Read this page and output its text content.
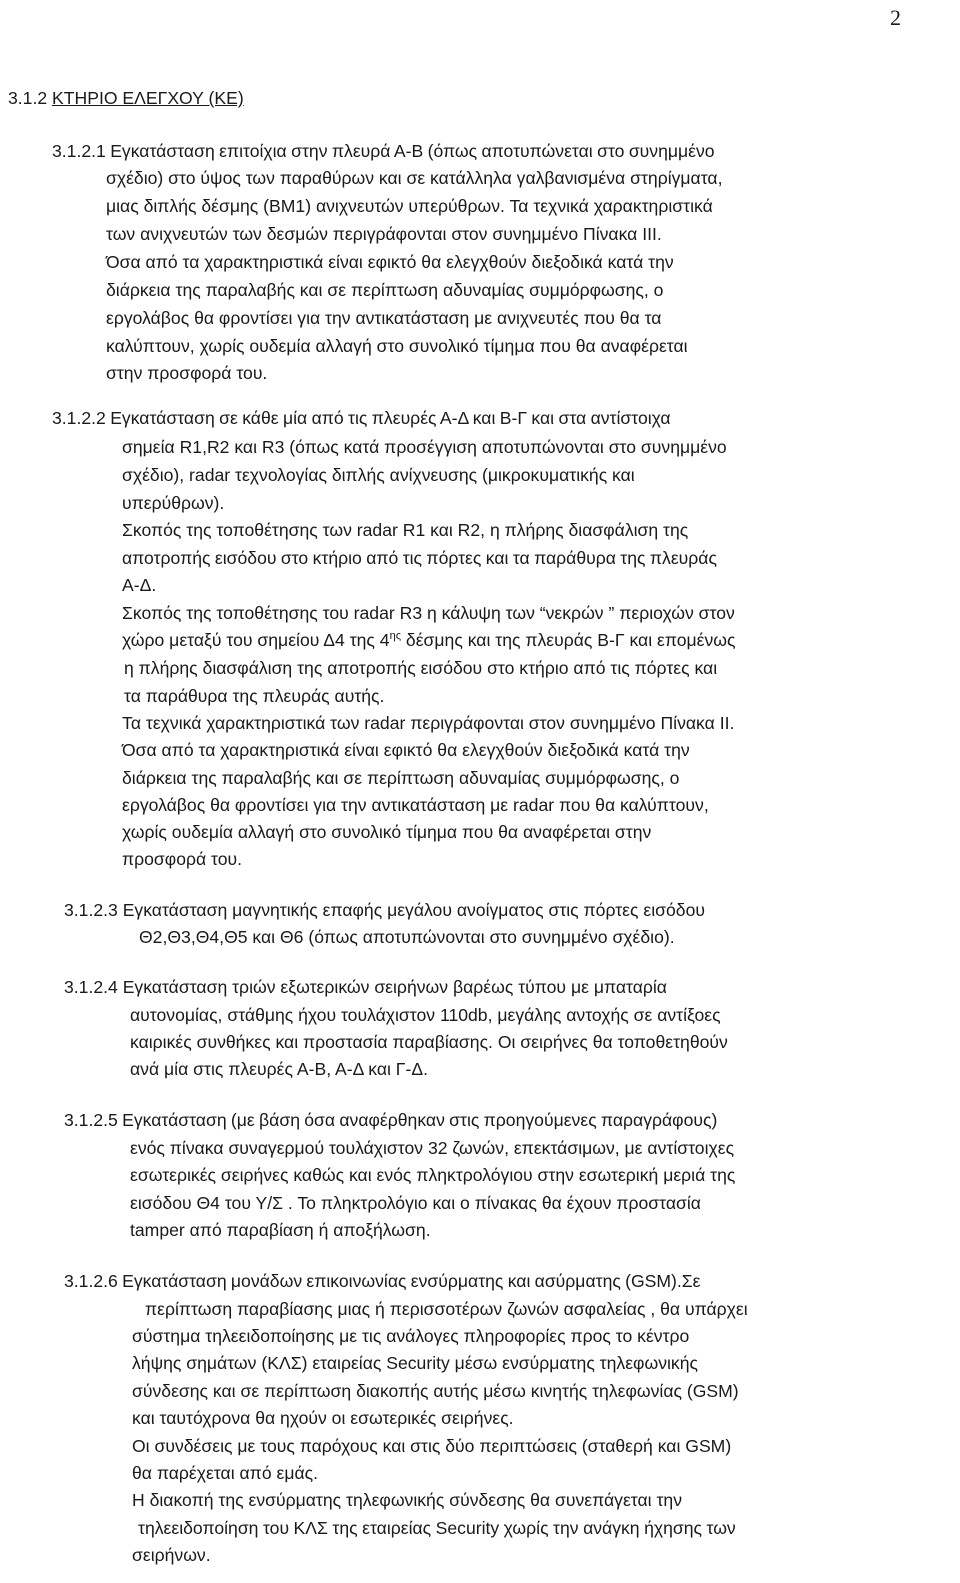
2
3.1.2 ΚΤΗΡΙΟ ΕΛΕΓΧΟΥ (ΚΕ)
3.1.2.1 Εγκατάσταση επιτοίχια στην πλευρά Α-Β (όπως αποτυπώνεται στο συνημμένο
σχέδιο) στο ύψος των παραθύρων και σε κατάλληλα γαλβανισμένα στηρίγματα,
μιας διπλής δέσμης (ΒΜ1) ανιχνευτών υπερύθρων. Τα τεχνικά χαρακτηριστικά
των ανιχνευτών των δεσμών περιγράφονται στον συνημμένο Πίνακα ΙΙΙ.
Όσα από τα χαρακτηριστικά είναι εφικτό θα ελεγχθούν διεξοδικά κατά την
διάρκεια της παραλαβής και σε περίπτωση αδυναμίας συμμόρφωσης, ο
εργολάβος θα φροντίσει για την αντικατάσταση με ανιχνευτές που θα τα
καλύπτουν, χωρίς ουδεμία αλλαγή στο συνολικό τίμημα που θα αναφέρεται
στην προσφορά του.
3.1.2.2 Εγκατάσταση σε κάθε μία από τις πλευρές Α-Δ και Β-Γ και στα αντίστοιχα
σημεία R1,R2 και R3 (όπως κατά προσέγγιση αποτυπώνονται στο συνημμένο
σχέδιο), radar τεχνολογίας διπλής ανίχνευσης (μικροκυματικής και
υπερύθρων).
Σκοπός της τοποθέτησης των radar R1 και R2, η πλήρης διασφάλιση της
αποτροπής εισόδου στο κτήριο από τις πόρτες και τα παράθυρα της πλευράς
Α-Δ.
Σκοπός της τοποθέτησης του radar R3 η κάλυψη των “νεκρών ” περιοχών στον
χώρο μεταξύ του σημείου Δ4 της $4^{\eta\varsigma}$ δέσμης και της πλευράς Β-Γ και επομένως
η πλήρης διασφάλιση της αποτροπής εισόδου στο κτήριο από τις πόρτες και
τα παράθυρα της πλευράς αυτής.
Τα τεχνικά χαρακτηριστικά των radar περιγράφονται στον συνημμένο Πίνακα ΙΙ.
Όσα από τα χαρακτηριστικά είναι εφικτό θα ελεγχθούν διεξοδικά κατά την
διάρκεια της παραλαβής και σε περίπτωση αδυναμίας συμμόρφωσης, ο
εργολάβος θα φροντίσει για την αντικατάσταση με radar που θα καλύπτουν,
χωρίς ουδεμία αλλαγή στο συνολικό τίμημα που θα αναφέρεται στην
προσφορά του.
3.1.2.3 Εγκατάσταση μαγνητικής επαφής μεγάλου ανοίγματος στις πόρτες εισόδου
Θ2,Θ3,Θ4,Θ5 και Θ6 (όπως αποτυπώνονται στο συνημμένο σχέδιο).
3.1.2.4 Εγκατάσταση τριών εξωτερικών σειρήνων βαρέως τύπου με μπαταρία
αυτονομίας, στάθμης ήχου τουλάχιστον 110db, μεγάλης αντοχής σε αντίξοες
καιρικές συνθήκες και προστασία παραβίασης. Οι σειρήνες θα τοποθετηθούν
ανά μία στις πλευρές Α-Β, Α-Δ και Γ-Δ.
3.1.2.5 Εγκατάσταση (με βάση όσα αναφέρθηκαν στις προηγούμενες παραγράφους)
ενός πίνακα συναγερμού τουλάχιστον 32 ζωνών, επεκτάσιμων, με αντίστοιχες
εσωτερικές σειρήνες καθώς και ενός πληκτρολόγιου στην εσωτερική μεριά της
εισόδου Θ4 του Υ/Σ . Το πληκτρολόγιο και ο πίνακας θα έχουν προστασία
tamper από παραβίαση ή αποξήλωση.
3.1.2.6 Εγκατάσταση μονάδων επικοινωνίας ενσύρματης και ασύρματης (GSM).Σε
περίπτωση παραβίασης μιας ή περισσοτέρων ζωνών ασφαλείας , θα υπάρχει
σύστημα τηλεειδοποίησης με τις ανάλογες πληροφορίες προς το κέντρο
λήψης σημάτων (ΚΛΣ) εταιρείας Security μέσω ενσύρματης τηλεφωνικής
σύνδεσης και σε περίπτωση διακοπής αυτής μέσω κινητής τηλεφωνίας (GSM)
και ταυτόχρονα θα ηχούν οι εσωτερικές σειρήνες.
Οι συνδέσεις με τους παρόχους και στις δύο περιπτώσεις (σταθερή και GSM)
θα παρέχεται από εμάς.
Η διακοπή της ενσύρματης τηλεφωνικής σύνδεσης θα συνεπάγεται την
τηλεειδοποίηση του ΚΛΣ της εταιρείας Security χωρίς την ανάγκη ήχησης των
σειρήνων.
